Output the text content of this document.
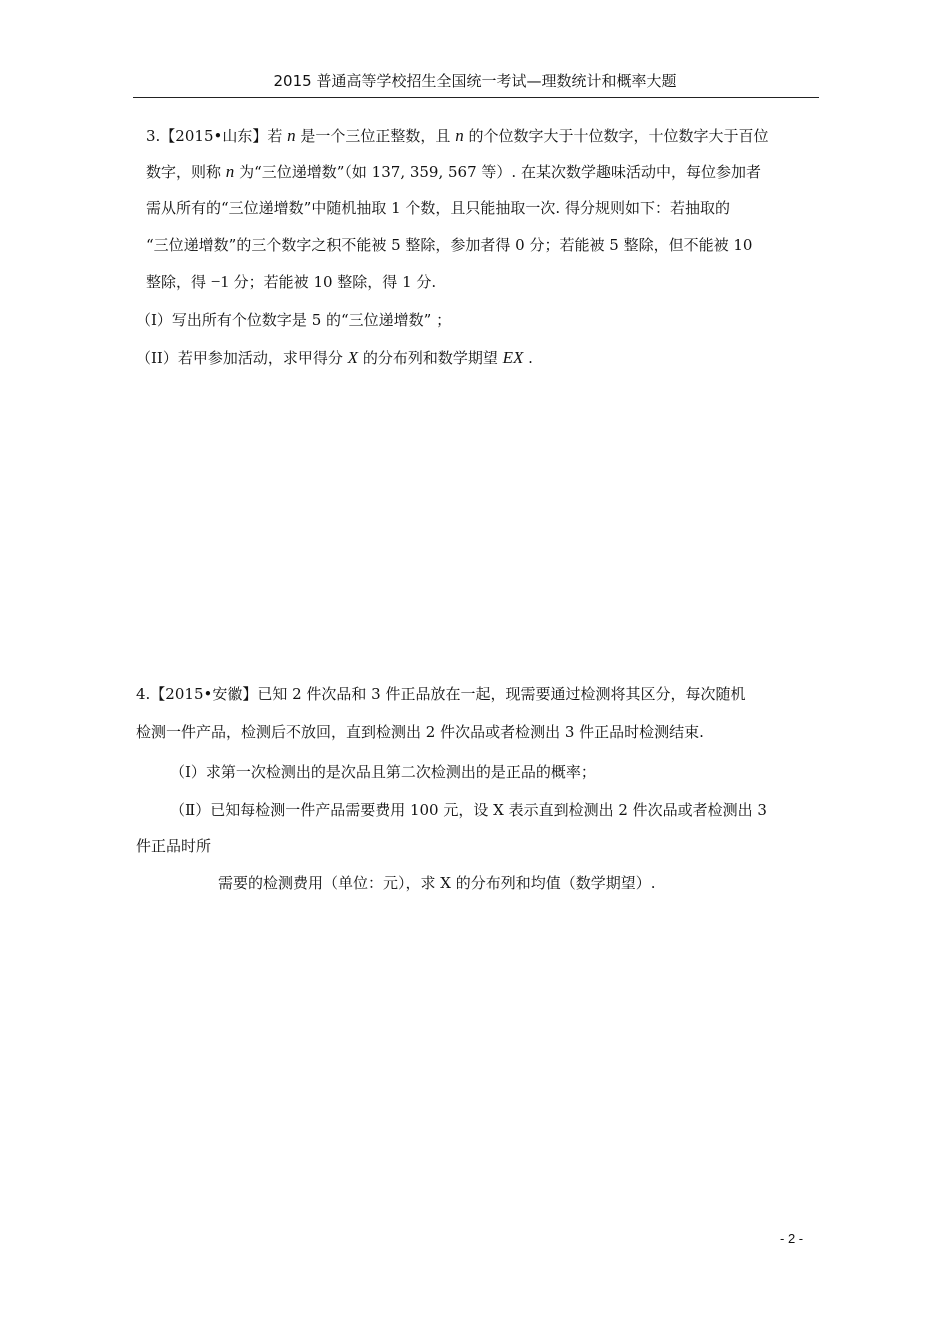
2015 普通高等学校招生全国统一考试—理数统计和概率大题
3.【2015•山东】若 n 是一个三位正整数，且 n 的个位数字大于十位数字，十位数字大于百位
数字，则称 n 为“三位递增数”（如 137, 359, 567 等）. 在某次数学趣味活动中，每位参加者
需从所有的“三位递增数”中随机抽取 1 个数，且只能抽取一次. 得分规则如下：若抽取的
“三位递增数”的三个数字之积不能被 5 整除，参加者得 0 分；若能被 5 整除，但不能被 10
整除，得 −1 分；若能被 10 整除，得 1 分.
（I）写出所有个位数字是 5 的“三位递增数” ；
（II）若甲参加活动，求甲得分 X 的分布列和数学期望 EX .
4.【2015•安徽】已知 2 件次品和 3 件正品放在一起，现需要通过检测将其区分，每次随机
检测一件产品，检测后不放回，直到检测出 2 件次品或者检测出 3 件正品时检测结束.
（Ⅰ）求第一次检测出的是次品且第二次检测出的是正品的概率；
（Ⅱ）已知每检测一件产品需要费用 100 元，设 X 表示直到检测出 2 件次品或者检测出 3
件正品时所
需要的检测费用（单位：元），求 X 的分布列和均值（数学期望）.
- 2 -
